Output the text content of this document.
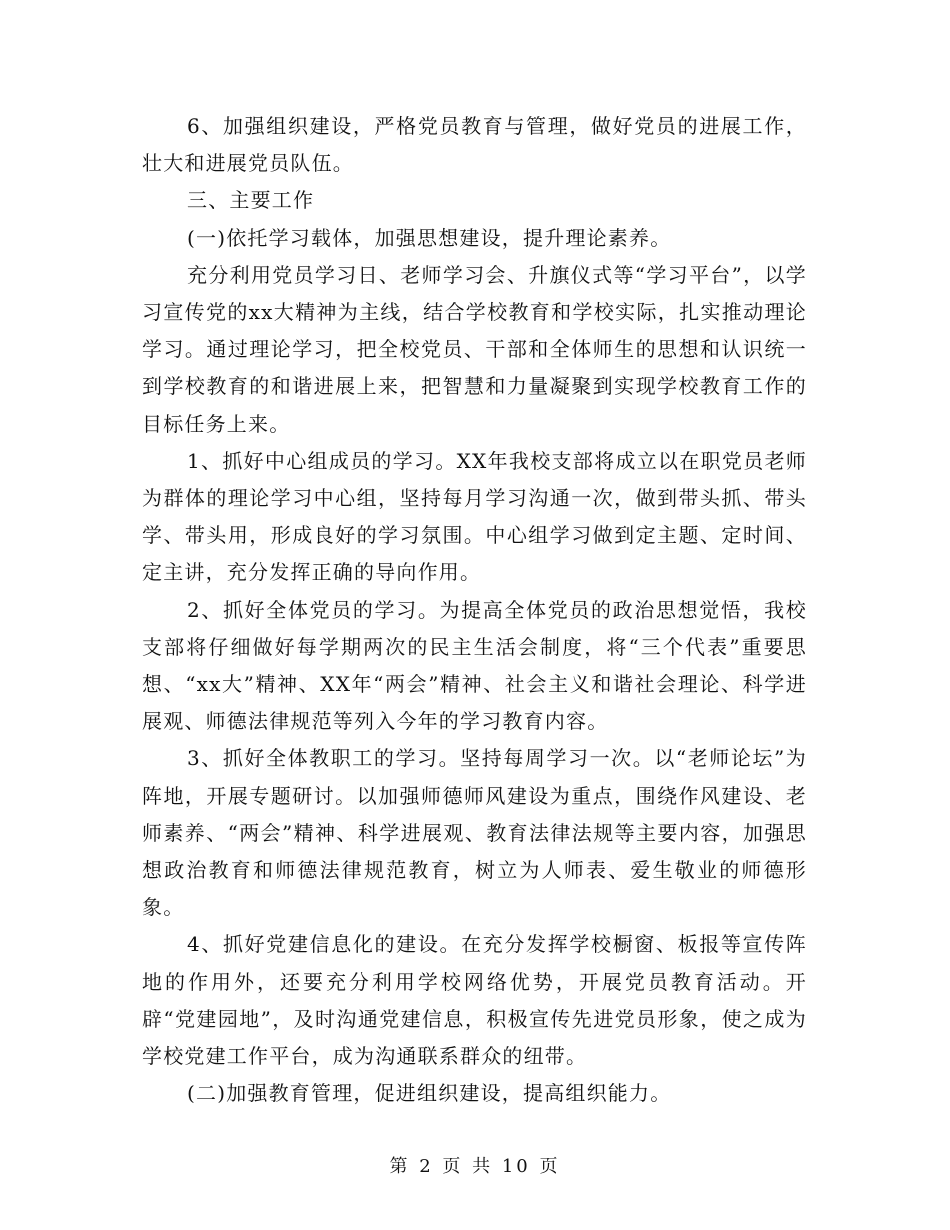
6、加强组织建设，严格党员教育与管理，做好党员的进展工作，壮大和进展党员队伍。

三、主要工作

(一)依托学习载体，加强思想建设，提升理论素养。

充分利用党员学习日、老师学习会、升旗仪式等“学习平台”，以学习宣传党的xx大精神为主线，结合学校教育和学校实际，扎实推动理论学习。通过理论学习，把全校党员、干部和全体师生的思想和认识统一到学校教育的和谐进展上来，把智慧和力量凝聚到实现学校教育工作的目标任务上来。

1、抓好中心组成员的学习。XX年我校支部将成立以在职党员老师为群体的理论学习中心组，坚持每月学习沟通一次，做到带头抓、带头学、带头用，形成良好的学习氛围。中心组学习做到定主题、定时间、定主讲，充分发挥正确的导向作用。

2、抓好全体党员的学习。为提高全体党员的政治思想觉悟，我校支部将仔细做好每学期两次的民主生活会制度，将“三个代表”重要思想、“xx大”精神、XX年“两会”精神、社会主义和谐社会理论、科学进展观、师德法律规范等列入今年的学习教育内容。

3、抓好全体教职工的学习。坚持每周学习一次。以“老师论坛”为阵地，开展专题研讨。以加强师德师风建设为重点，围绕作风建设、老师素养、“两会”精神、科学进展观、教育法律法规等主要内容，加强思想政治教育和师德法律规范教育，树立为人师表、爱生敬业的师德形象。

4、抓好党建信息化的建设。在充分发挥学校橱窗、板报等宣传阵地的作用外，还要充分利用学校网络优势，开展党员教育活动。开辟“党建园地”，及时沟通党建信息，积极宣传先进党员形象，使之成为学校党建工作平台，成为沟通联系群众的纽带。

(二)加强教育管理，促进组织建设，提高组织能力。

第 2 页 共 10 页
